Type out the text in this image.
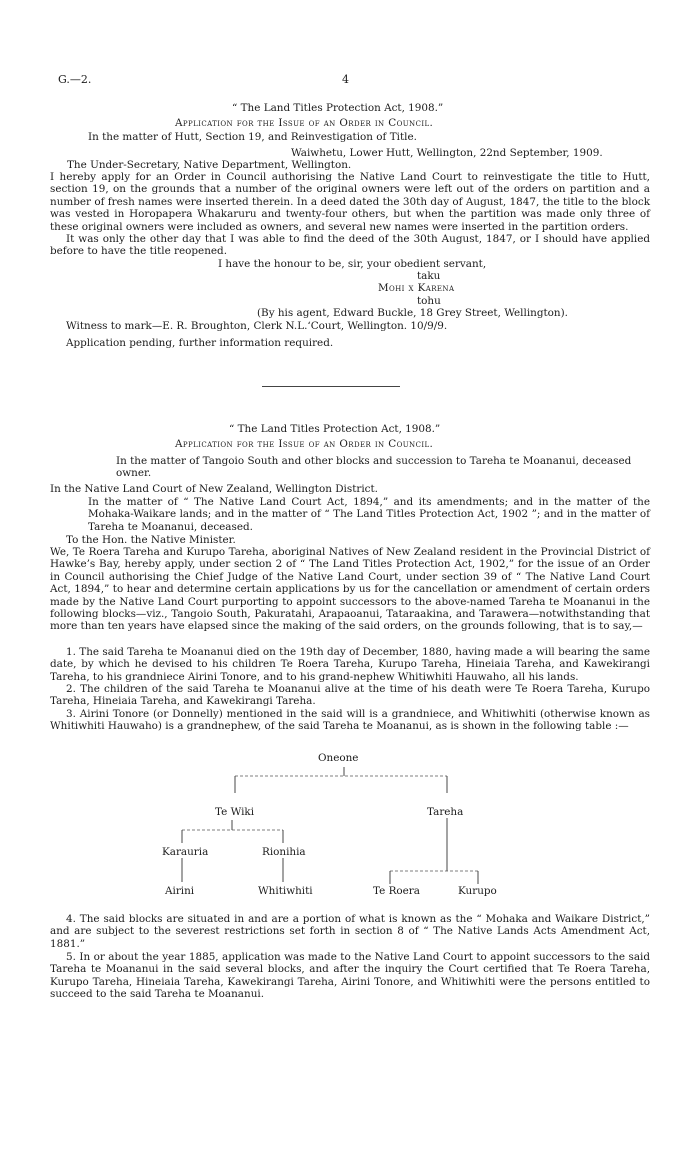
G.—2.	4
“ The Land Titles Protection Act, 1908.”
Application for the Issue of an Order in Council.
In the matter of Hutt, Section 19, and Reinvestigation of Title.
Waiwhetu, Lower Hutt, Wellington, 22nd September, 1909.
The Under-Secretary, Native Department, Wellington.
I hereby apply for an Order in Council authorising the Native Land Court to reinvestigate the title to Hutt, section 19, on the grounds that a number of the original owners were left out of the orders on partition and a number of fresh names were inserted therein. In a deed dated the 30th day of August, 1847, the title to the block was vested in Horopapera Whakaruru and twenty-four others, but when the partition was made only three of these original owners were included as owners, and several new names were inserted in the partition orders.
It was only the other day that I was able to find the deed of the 30th August, 1847, or I should have applied before to have the title reopened.
I have the honour to be, sir, your obedient servant,
taku
Mohi x Karena
tohu
(By his agent, Edward Buckle, 18 Grey Street, Wellington).
Witness to mark—E. R. Broughton, Clerk N.L.‘Court, Wellington. 10/9/9.
Application pending, further information required.
“ The Land Titles Protection Act, 1908.”
Application for the Issue of an Order in Council.
In the matter of Tangoio South and other blocks and succession to Tareha te Moananui, deceased owner.
In the Native Land Court of New Zealand, Wellington District.
In the matter of “ The Native Land Court Act, 1894,” and its amendments; and in the matter of the Mohaka-Waikare lands; and in the matter of “ The Land Titles Protection Act, 1902 ”; and in the matter of Tareha te Moananui, deceased.
To the Hon. the Native Minister.
We, Te Roera Tareha and Kurupo Tareha, aboriginal Natives of New Zealand resident in the Provincial District of Hawke’s Bay, hereby apply, under section 2 of “ The Land Titles Protection Act, 1902,” for the issue of an Order in Council authorising the Chief Judge of the Native Land Court, under section 39 of “ The Native Land Court Act, 1894,” to hear and determine certain applications by us for the cancellation or amendment of certain orders made by the Native Land Court purporting to appoint successors to the above-named Tareha te Moananui in the following blocks—viz., Tangoio South, Pakuratahi, Arapaoanui, Tataraakina, and Tarawera—notwithstanding that more than ten years have elapsed since the making of the said orders, on the grounds following, that is to say,—
1. The said Tareha te Moananui died on the 19th day of December, 1880, having made a will bearing the same date, by which he devised to his children Te Roera Tareha, Kurupo Tareha, Hineiaia Tareha, and Kawekirangi Tareha, to his grandniece Airini Tonore, and to his grand-nephew Whitiwhiti Hauwaho, all his lands.
2. The children of the said Tareha te Moananui alive at the time of his death were Te Roera Tareha, Kurupo Tareha, Hineiaia Tareha, and Kawekirangi Tareha.
3. Airini Tonore (or Donnelly) mentioned in the said will is a grandniece, and Whitiwhiti (otherwise known as Whitiwhiti Hauwaho) is a grandnephew, of the said Tareha te Moananui, as is shown in the following table :—
Oneone
Te Wiki	Tareha
Karauria	Rionihia
Airini	Whitiwhiti	Te Roera	Kurupo
4. The said blocks are situated in and are a portion of what is known as the “ Mohaka and Waikare District,” and are subject to the severest restrictions set forth in section 8 of “ The Native Lands Acts Amendment Act, 1881.”
5. In or about the year 1885, application was made to the Native Land Court to appoint successors to the said Tareha te Moananui in the said several blocks, and after the inquiry the Court certified that Te Roera Tareha, Kurupo Tareha, Hineiaia Tareha, Kawekirangi Tareha, Airini Tonore, and Whitiwhiti were the persons entitled to succeed to the said Tareha te Moananui.
